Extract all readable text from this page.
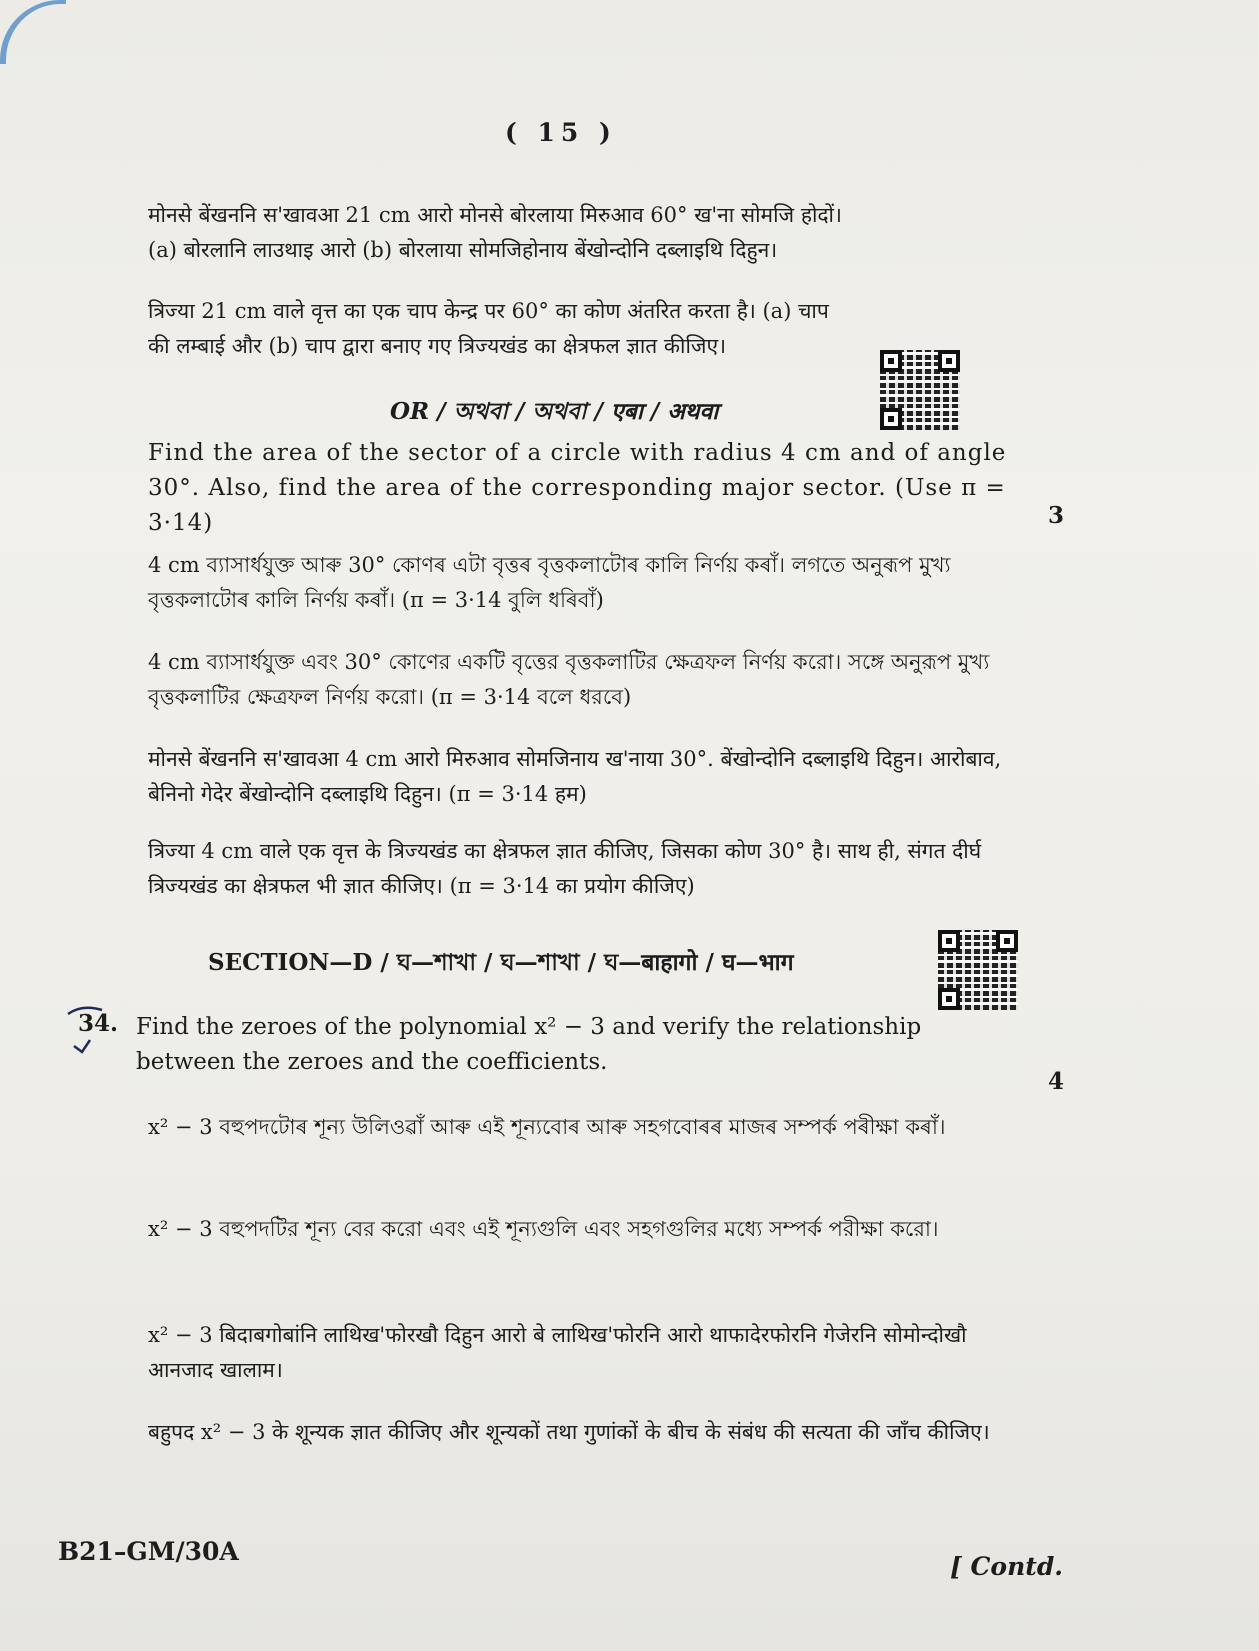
( 15 )

मोनसे बेंखननि स'खावआ 21 cm आरो मोनसे बोरलाया मिरुआव 60° ख'ना सोमजि होदों।

(a) बोरलानि लाउथाइ आरो (b) बोरलाया सोमजिहोनाय बेंखोन्दोनि दब्लाइथि दिहुन।

त्रिज्या 21 cm वाले वृत्त का एक चाप केन्द्र पर 60° का कोण अंतरित करता है। (a) चाप

की लम्बाई और (b) चाप द्वारा बनाए गए त्रिज्यखंड का क्षेत्रफल ज्ञात कीजिए।

OR / অথবা / অথবা / एबा / अथवा

Find the area of the sector of a circle with radius 4 cm and of angle 30°. Also, find the area of the corresponding major sector. (Use π = 3·14)	3

4 cm ব্যাসাৰ্ধযুক্ত আৰু 30° কোণৰ এটা বৃত্তৰ বৃত্তকলাটোৰ কালি নিৰ্ণয় কৰাঁ। লগতে অনুৰূপ মুখ্য বৃত্তকলাটোৰ কালি নিৰ্ণয় কৰাঁ। (π = 3·14 বুলি ধৰিবাঁ)

4 cm ব্যাসার্ধযুক্ত এবং 30° কোণের একটি বৃত্তের বৃত্তকলাটির ক্ষেত্রফল নির্ণয় করো। সঙ্গে অনুরূপ মুখ্য বৃত্তকলাটির ক্ষেত্রফল নির্ণয় করো। (π = 3·14 বলে ধরবে)

मोनसे बेंखननि स'खावआ 4 cm आरो मिरुआव सोमजिनाय ख'नाया 30°. बेंखोन्दोनि दब्लाइथि दिहुन। आरोबाव, बेनिनो गेदेर बेंखोन्दोनि दब्लाइथि दिहुन। (π = 3·14 हम)

त्रिज्या 4 cm वाले एक वृत्त के त्रिज्यखंड का क्षेत्रफल ज्ञात कीजिए, जिसका कोण 30° है। साथ ही, संगत दीर्घ त्रिज्यखंड का क्षेत्रफल भी ज्ञात कीजिए। (π = 3·14 का प्रयोग कीजिए)

SECTION—D / ঘ—শাখা / ঘ—শাখা / ঘ—बाहागो / घ—भाग
34. Find the zeroes of the polynomial x² − 3 and verify the relationship between the zeroes and the coefficients.

4

x² − 3 বহুপদটোৰ শূন্য উলিওৱাঁ আৰু এই শূন্যবোৰ আৰু সহগবোৰৰ মাজৰ সম্পৰ্ক পৰীক্ষা কৰাঁ।

x² − 3 বহুপদটির শূন্য বের করো এবং এই শূন্যগুলি এবং সহগগুলির মধ্যে সম্পর্ক পরীক্ষা করো।

x² − 3 बिदाबगोबांनि लाथिख'फोरखौ दिहुन आरो बे लाथिख'फोरनि आरो थाफादेरफोरनि गेजेरनि सोमोन्दोखौ आनजाद खालाम।

बहुपद x² − 3 के शून्यक ज्ञात कीजिए और शून्यकों तथा गुणांकों के बीच के संबंध की सत्यता की जाँच कीजिए।

B21–GM/30A
[ Contd.
